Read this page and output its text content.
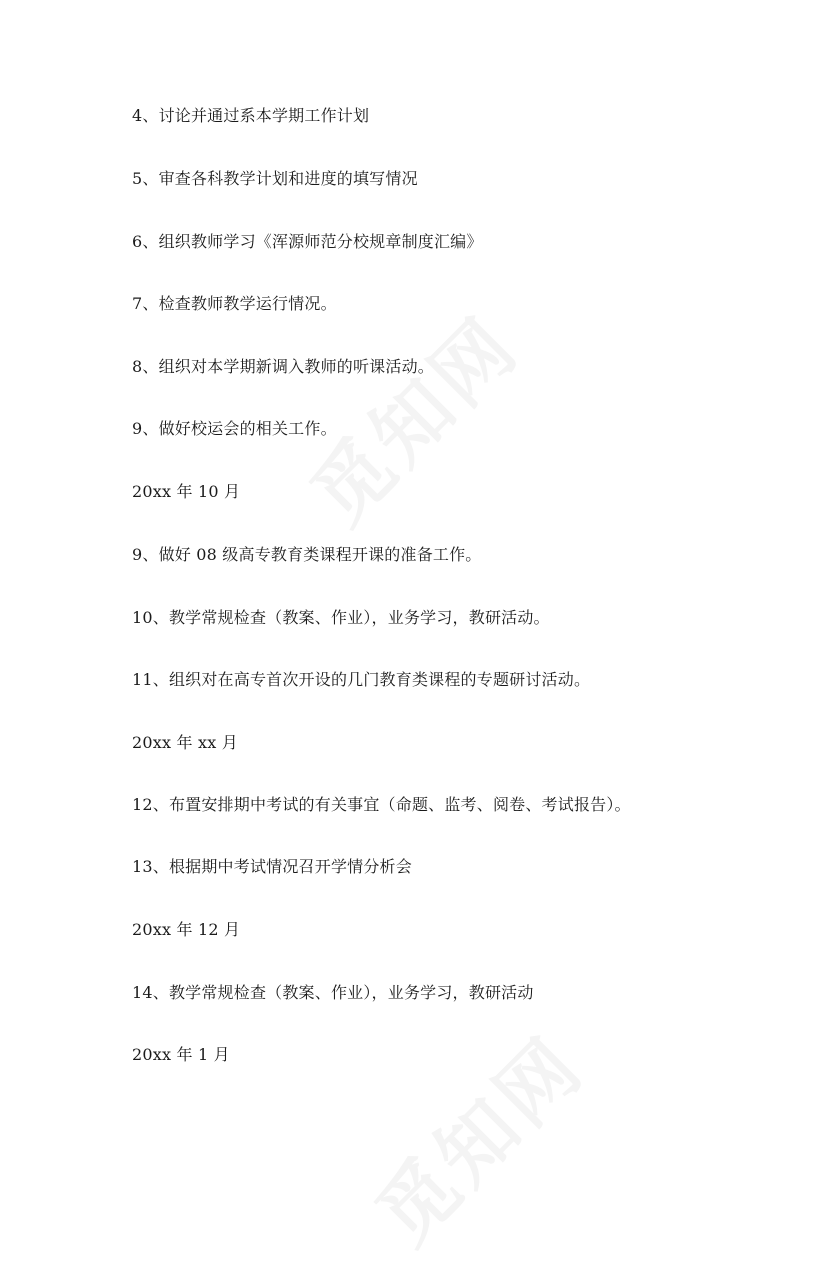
4、讨论并通过系本学期工作计划
5、审查各科教学计划和进度的填写情况
6、组织教师学习《浑源师范分校规章制度汇编》
7、检查教师教学运行情况。
8、组织对本学期新调入教师的听课活动。
9、做好校运会的相关工作。
20xx 年 10 月
9、做好 08 级高专教育类课程开课的准备工作。
10、教学常规检查（教案、作业），业务学习，教研活动。
11、组织对在高专首次开设的几门教育类课程的专题研讨活动。
20xx 年 xx 月
12、布置安排期中考试的有关事宜（命题、监考、阅卷、考试报告）。
13、根据期中考试情况召开学情分析会
20xx 年 12 月
14、教学常规检查（教案、作业），业务学习，教研活动
20xx 年 1 月
